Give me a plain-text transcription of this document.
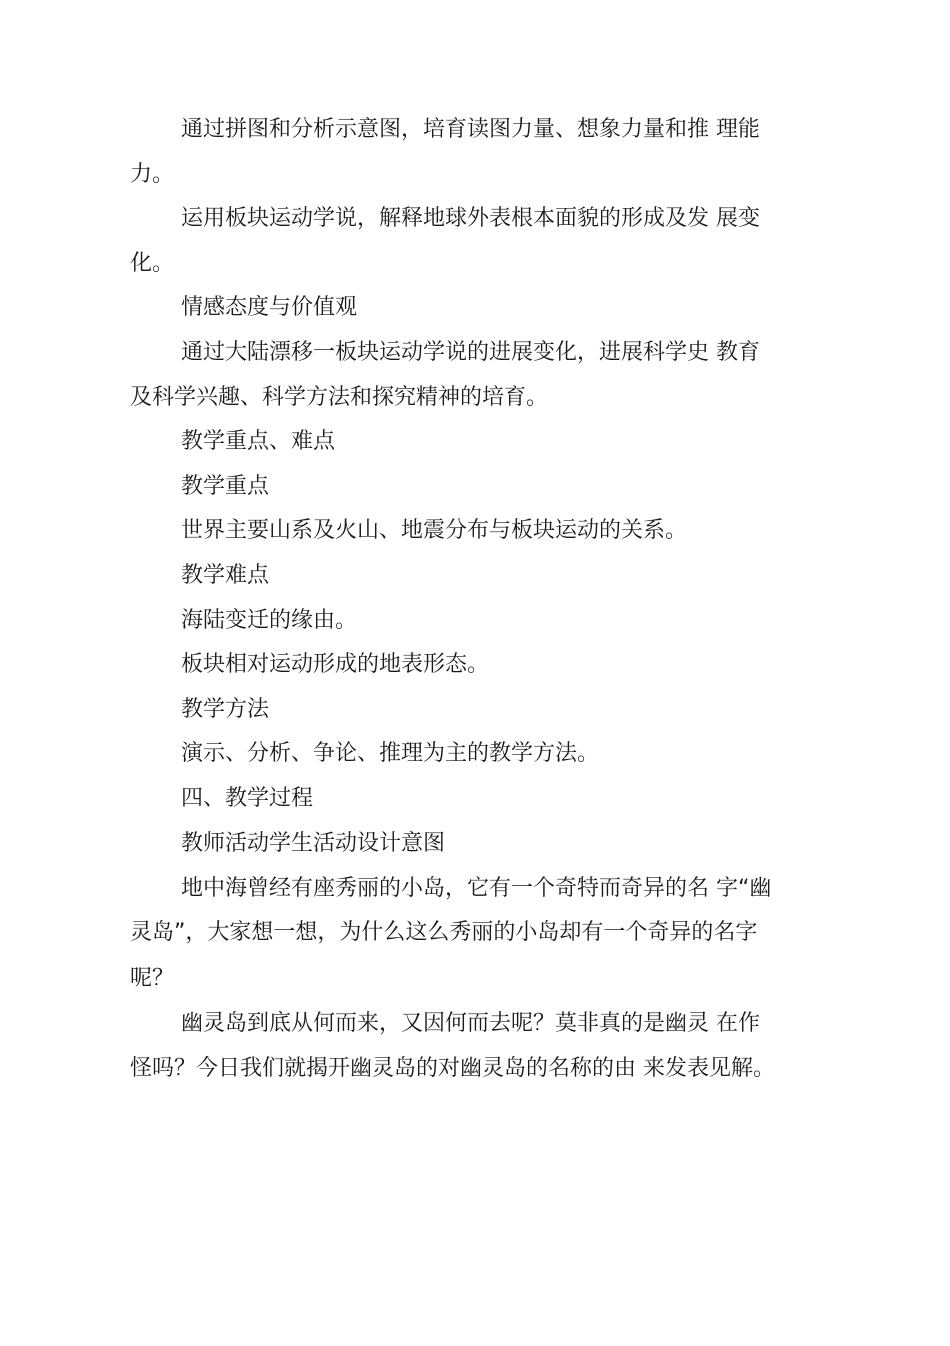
通过拼图和分析示意图，培育读图力量、想象力量和推 理能

力。

运用板块运动学说，解释地球外表根本面貌的形成及发 展变

化。

情感态度与价值观

通过大陆漂移一板块运动学说的进展变化，进展科学史 教育

及科学兴趣、科学方法和探究精神的培育。

教学重点、难点

教学重点

世界主要山系及火山、地震分布与板块运动的关系。

教学难点

海陆变迁的缘由。

板块相对运动形成的地表形态。

教学方法

演示、分析、争论、推理为主的教学方法。

四、教学过程

教师活动学生活动设计意图

地中海曾经有座秀丽的小岛，它有一个奇特而奇异的名 字“幽

灵岛”，大家想一想，为什么这么秀丽的小岛却有一个奇异的名字

呢？

幽灵岛到底从何而来，又因何而去呢？莫非真的是幽灵 在作

怪吗？今日我们就揭开幽灵岛的对幽灵岛的名称的由 来发表见解。
